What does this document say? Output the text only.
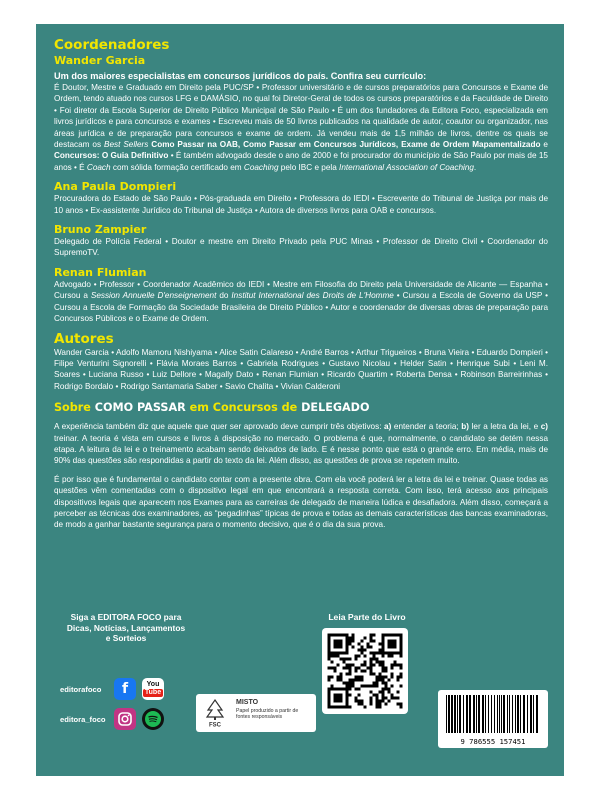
Coordenadores
Wander Garcia
Um dos maiores especialistas em concursos jurídicos do país. Confira seu currículo:

É Doutor, Mestre e Graduado em Direito pela PUC/SP • Professor universitário e de cursos preparatórios para Concursos e Exame de Ordem, tendo atuado nos cursos LFG e DAMÁSIO, no qual foi Diretor-Geral de todos os cursos preparatórios e da Faculdade de Direito • Foi diretor da Escola Superior de Direito Público Municipal de São Paulo • É um dos fundadores da Editora Foco, especializada em livros jurídicos e para concursos e exames • Escreveu mais de 50 livros publicados na qualidade de autor, coautor ou organizador, nas áreas jurídica e de preparação para concursos e exame de ordem. Já vendeu mais de 1,5 milhão de livros, dentre os quais se destacam os Best Sellers Como Passar na OAB, Como Passar em Concursos Jurídicos, Exame de Ordem Mapamentalizado e Concursos: O Guia Definitivo • É também advogado desde o ano de 2000 e foi procurador do município de São Paulo por mais de 15 anos • É Coach com sólida formação certificado em Coaching pelo IBC e pela International Association of Coaching.

Ana Paula Dompieri

Procuradora do Estado de São Paulo • Pós-graduada em Direito • Professora do IEDI • Escrevente do Tribunal de Justiça por mais de 10 anos • Ex-assistente Jurídico do Tribunal de Justiça • Autora de diversos livros para OAB e concursos.

Bruno Zampier

Delegado de Polícia Federal • Doutor e mestre em Direito Privado pela PUC Minas • Professor de Direito Civil • Coordenador do SupremoTV.

Renan Flumian

Advogado • Professor • Coordenador Acadêmico do IEDI • Mestre em Filosofia do Direito pela Universidade de Alicante — Espanha • Cursou a Session Annuelle D'enseignement do Institut International des Droits de L'Homme • Cursou a Escola de Governo da USP • Cursou a Escola de Formação da Sociedade Brasileira de Direito Público • Autor e coordenador de diversas obras de preparação para Concursos Públicos e o Exame de Ordem.

Autores

Wander Garcia • Adolfo Mamoru Nishiyama • Alice Satin Calareso • André Barros • Arthur Trigueiros • Bruna Vieira • Eduardo Dompieri • Filipe Venturini Signorelli • Flávia Moraes Barros • Gabriela Rodrigues • Gustavo Nicolau • Helder Satin • Henrique Subi • Leni M. Soares • Luciana Russo • Luiz Dellore • Magally Dato • Renan Flumian • Ricardo Quartim • Roberta Densa • Robinson Barreirinhas • Rodrigo Bordalo • Rodrigo Santamaria Saber • Savio Chalita • Vivian Calderoni

Sobre COMO PASSAR em Concursos de DELEGADO

A experiência também diz que aquele que quer ser aprovado deve cumprir três objetivos: a) entender a teoria; b) ler a letra da lei, e c) treinar. A teoria é vista em cursos e livros à disposição no mercado. O problema é que, normalmente, o candidato se detém nessa etapa. A leitura da lei e o treinamento acabam sendo deixados de lado. E é nesse ponto que está o grande erro. Em média, mais de 90% das questões são respondidas a partir do texto da lei. Além disso, as questões de prova se repetem muito.

É por isso que é fundamental o candidato contar com a presente obra. Com ela você poderá ler a letra da lei e treinar. Quase todas as questões vêm comentadas com o dispositivo legal em que encontrará a resposta correta. Com isso, terá acesso aos principais dispositivos legais que aparecem nos Exames para as carreiras de delegado de maneira lúdica e desafiadora. Além disso, começará a perceber as técnicas dos examinadores, as “pegadinhas” típicas de prova e todas as demais características das bancas examinadoras, de modo a ganhar bastante segurança para o momento decisivo, que é o dia da sua prova.

Siga a EDITORA FOCO para Dicas, Notícias, Lançamentos e Sorteios
editorafoco	f	You
Tube
editora_foco
FSC
MISTO
Papel produzido a partir de fontes responsáveis
Leia Parte do Livro
9 786555 157451
